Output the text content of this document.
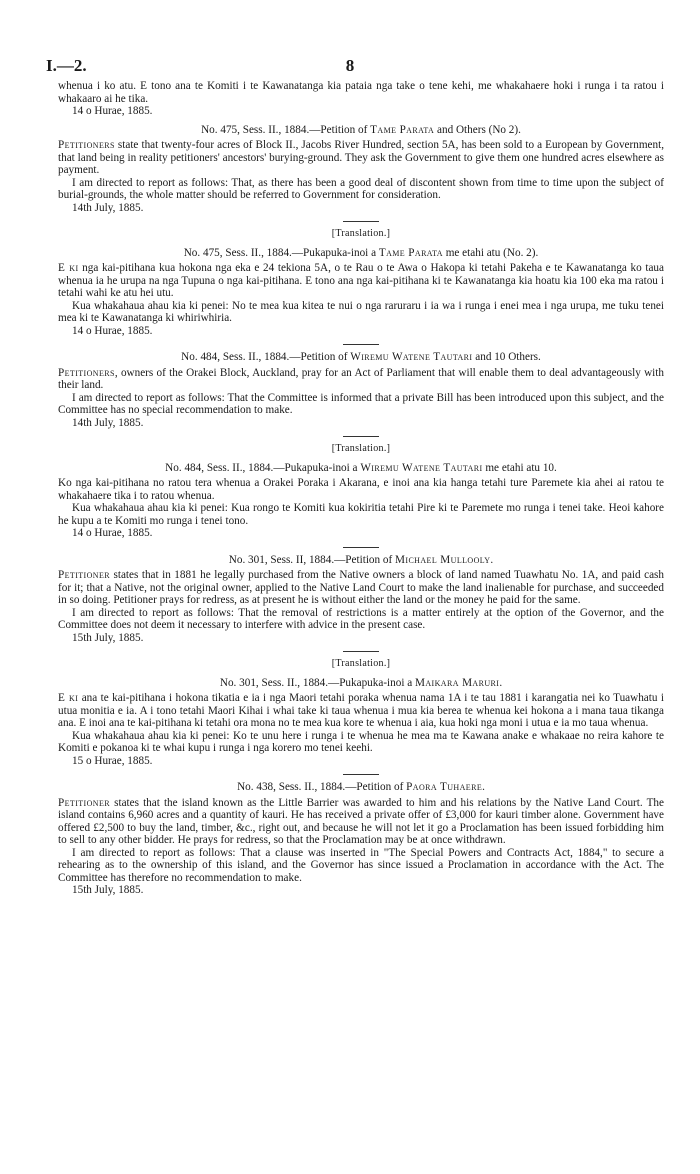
I.—2.	8

whenua i ko atu. E tono ana te Komiti i te Kawanatanga kia pataia nga take o tene kehi, me whakahaere hoki i runga i ta ratou i whakaaro ai he tika.

14 o Hurae, 1885.

No. 475, Sess. II., 1884.—Petition of Tame Parata and Others (No 2).

Petitioners state that twenty-four acres of Block II., Jacobs River Hundred, section 5A, has been sold to a European by Government, that land being in reality petitioners' ancestors' burying-ground. They ask the Government to give them one hundred acres elsewhere as payment.

I am directed to report as follows: That, as there has been a good deal of discontent shown from time to time upon the subject of burial-grounds, the whole matter should be referred to Government for consideration.

14th July, 1885.

[Translation.]
No. 475, Sess. II., 1884.—Pukapuka-inoi a Tame Parata me etahi atu (No. 2).

E ki nga kai-pitihana kua hokona nga eka e 24 tekiona 5A, o te Rau o te Awa o Hakopa ki tetahi Pakeha e te Kawanatanga ko taua whenua ia he urupa na nga Tupuna o nga kai-pitihana. E tono ana nga kai-pitihana ki te Kawanatanga kia hoatu kia 100 eka ma ratou i tetahi wahi ke atu hei utu.

Kua whakahaua ahau kia ki penei: No te mea kua kitea te nui o nga raruraru i ia wa i runga i enei mea i nga urupa, me tuku tenei mea ki te Kawanatanga ki whiriwhiria.

14 o Hurae, 1885.

No. 484, Sess. II., 1884.—Petition of Wiremu Watene Tautari and 10 Others.

Petitioners, owners of the Orakei Block, Auckland, pray for an Act of Parliament that will enable them to deal advantageously with their land.

I am directed to report as follows: That the Committee is informed that a private Bill has been introduced upon this subject, and the Committee has no special recommendation to make.

14th July, 1885.

[Translation.]
No. 484, Sess. II., 1884.—Pukapuka-inoi a Wiremu Watene Tautari me etahi atu 10.

Ko nga kai-pitihana no ratou tera whenua a Orakei Poraka i Akarana, e inoi ana kia hanga tetahi ture Paremete kia ahei ai ratou te whakahaere tika i to ratou whenua.

Kua whakahaua ahau kia ki penei: Kua rongo te Komiti kua kokiritia tetahi Pire ki te Paremete mo runga i tenei take. Heoi kahore he kupu a te Komiti mo runga i tenei tono.

14 o Hurae, 1885.

No. 301, Sess. II, 1884.—Petition of Michael Mullooly.

Petitioner states that in 1881 he legally purchased from the Native owners a block of land named Tuawhatu No. 1A, and paid cash for it; that a Native, not the original owner, applied to the Native Land Court to make the land inalienable for purchase, and succeeded in so doing. Petitioner prays for redress, as at present he is without either the land or the money he paid for the same.

I am directed to report as follows: That the removal of restrictions is a matter entirely at the option of the Governor, and the Committee does not deem it necessary to interfere with advice in the present case.

15th July, 1885.

[Translation.]
No. 301, Sess. II., 1884.—Pukapuka-inoi a Maikara Maruri.

E ki ana te kai-pitihana i hokona tikatia e ia i nga Maori tetahi poraka whenua nama 1A i te tau 1881 i karangatia nei ko Tuawhatu i utua monitia e ia. A i tono tetahi Maori Kihai i whai take ki taua whenua i mua kia berea te whenua kei hokona a i mana taua tikanga ana. E inoi ana te kai-pitihana ki tetahi ora mona no te mea kua kore te whenua i aia, kua hoki nga moni i utua e ia mo taua whenua.

Kua whakahaua ahau kia ki penei: Ko te unu here i runga i te whenua he mea ma te Kawana anake e whakaae no reira kahore te Komiti e pokanoa ki te whai kupu i runga i nga korero mo tenei keehi.

15 o Hurae, 1885.

No. 438, Sess. II., 1884.—Petition of Paora Tuhaere.

Petitioner states that the island known as the Little Barrier was awarded to him and his relations by the Native Land Court. The island contains 6,960 acres and a quantity of kauri. He has received a private offer of £3,000 for kauri timber alone. Government have offered £2,500 to buy the land, timber, &c., right out, and because he will not let it go a Proclamation has been issued forbidding him to sell to any other bidder. He prays for redress, so that the Proclamation may be at once withdrawn.

I am directed to report as follows: That a clause was inserted in "The Special Powers and Contracts Act, 1884," to secure a rehearing as to the ownership of this island, and the Governor has since issued a Proclamation in accordance with the Act. The Committee has therefore no recommendation to make.

15th July, 1885.
